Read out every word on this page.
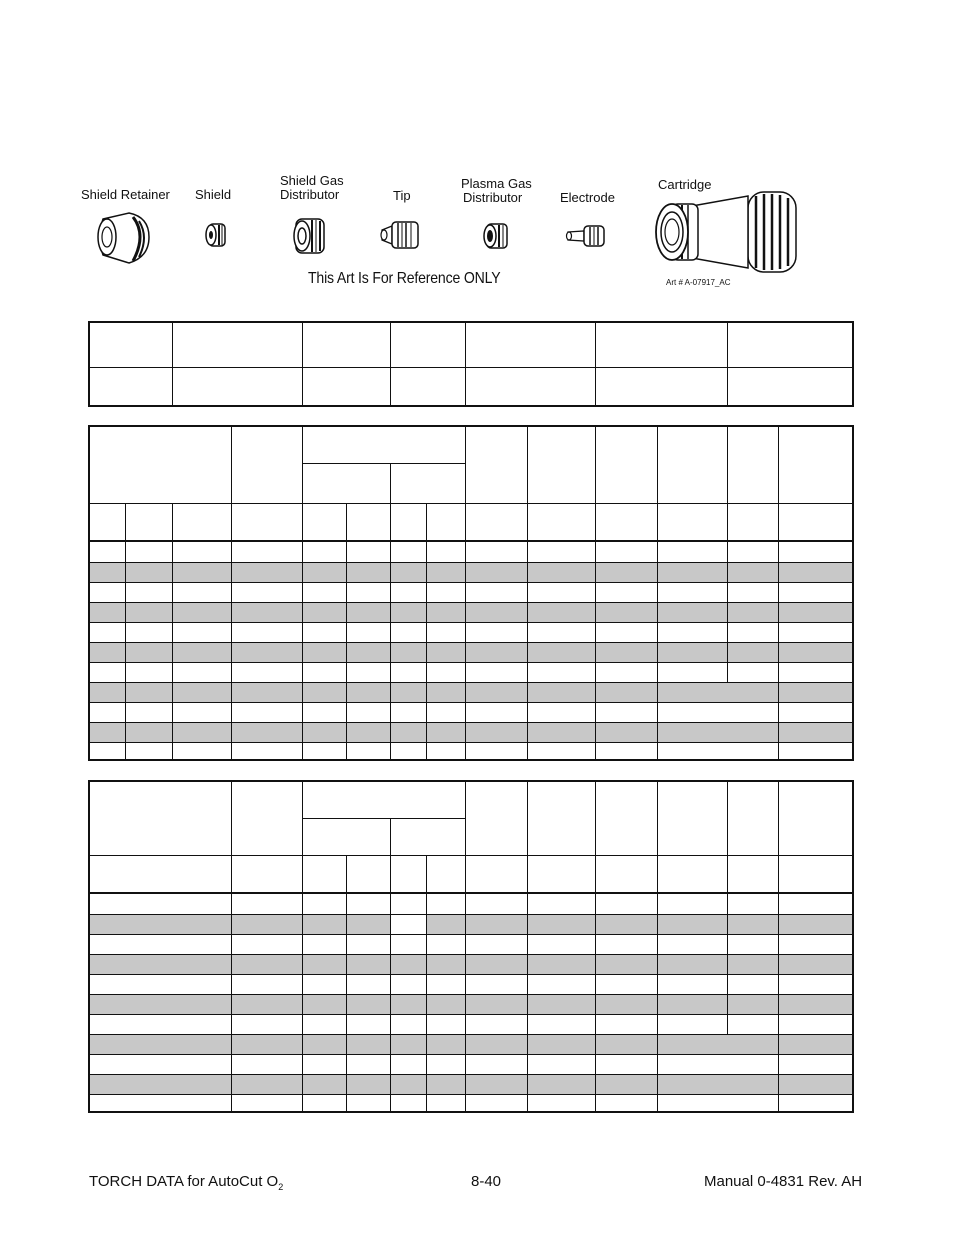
Shield Retainer Shield
Shield Gas
Distributor	Tip
Plasma Gas
Distributor	Electrode
Cartridge
This Art Is For Reference ONLY	Art # A-07917_AC
TORCH DATA for AutoCut $O_2$	8-40	Manual 0-4831 Rev. AH
